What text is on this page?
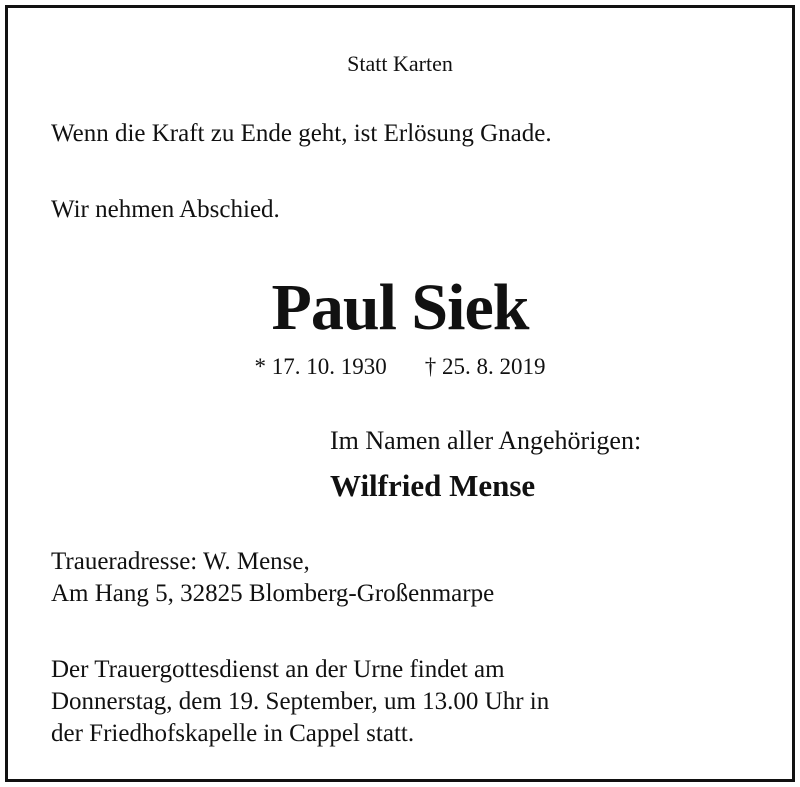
Statt Karten

Wenn die Kraft zu Ende geht, ist Erlösung Gnade.

Wir nehmen Abschied.

Paul Siek

* 17. 10. 1930 † 25. 8. 2019

Im Namen aller Angehörigen:

Wilfried Mense

Traueradresse: W. Mense,
Am Hang 5, 32825 Blomberg-Großenmarpe

Der Trauergottesdienst an der Urne findet am
Donnerstag, dem 19. September, um 13.00 Uhr in
der Friedhofskapelle in Cappel statt.
